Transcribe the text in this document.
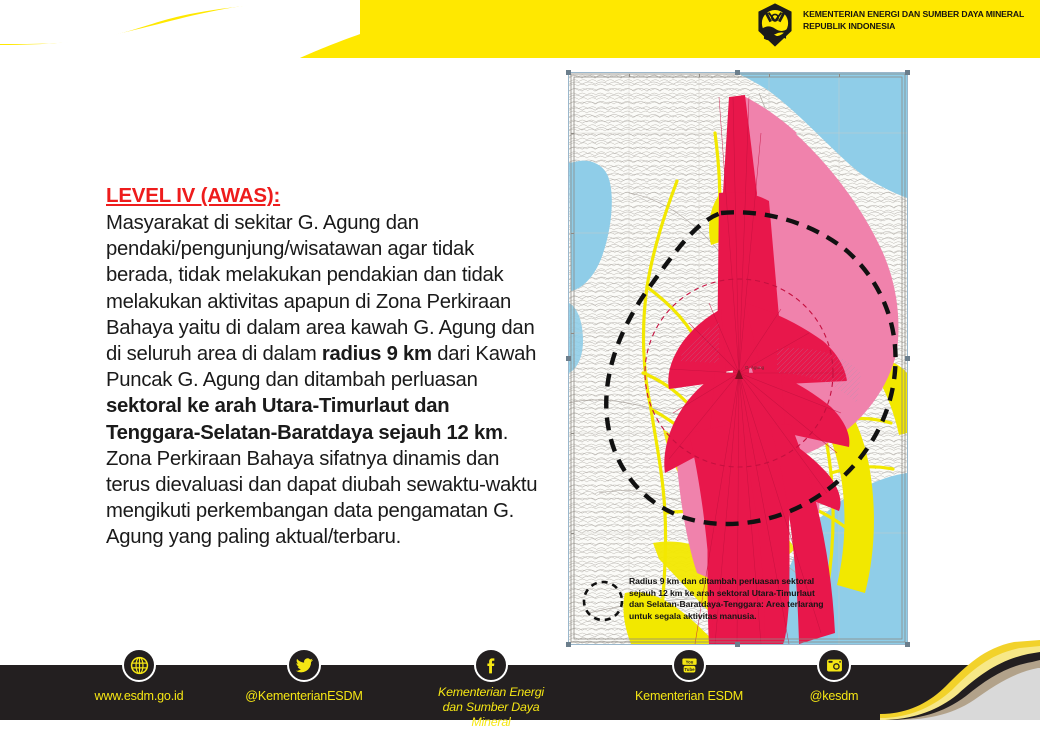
KEMENTERIAN ENERGI DAN SUMBER DAYA MINERAL
REPUBLIK INDONESIA
LEVEL IV (AWAS):
Masyarakat di sekitar G. Agung dan pendaki/pengunjung/wisatawan agar tidak berada, tidak melakukan pendakian dan tidak melakukan aktivitas apapun di Zona Perkiraan Bahaya yaitu di dalam area kawah G. Agung dan di seluruh area di dalam radius 9 km dari Kawah Puncak G. Agung dan ditambah perluasan sektoral ke arah Utara-Timurlaut dan Tenggara-Selatan-Baratdaya sejauh 12 km. Zona Perkiraan Bahaya sifatnya dinamis dan terus dievaluasi dan dapat diubah sewaktu-waktu mengikuti perkembangan data pengamatan G. Agung yang paling aktual/terbaru.
G. Agung
Radius 9 km dan ditambah perluasan sektoral
sejauh 12 km ke arah sektoral Utara-Timurlaut
dan Selatan-Baratdaya-Tenggara: Area terlarang
untuk segala aktivitas manusia.
www.esdm.go.id	@KementerianESDM	Kementerian Energi
dan Sumber Daya Mineral
You
Tube
Kementerian ESDM	@kesdm
